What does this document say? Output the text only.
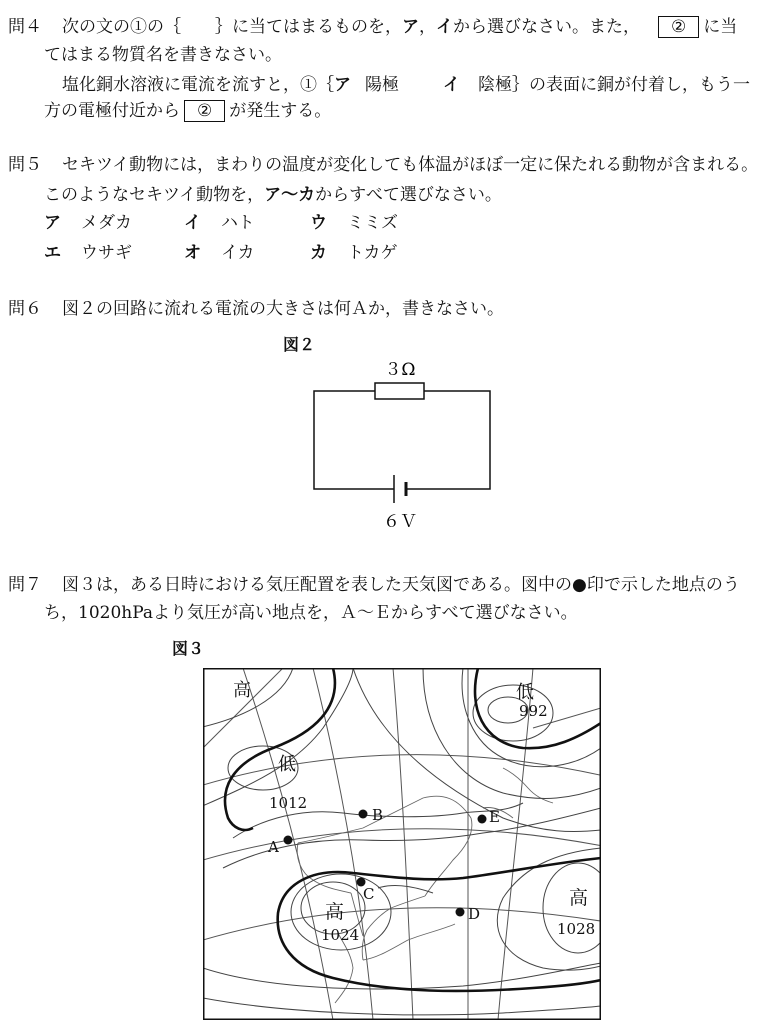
問４ 次の文の①の｛　　｝に当てはまるものを，ア，イから選びなさい。また， ② に当
てはまる物質名を書きなさい。
塩化銅水溶液に電流を流すと，①｛ア 陽極	イ 陰極｝の表面に銅が付着し，もう一
方の電極付近から ② が発生する。
問５ セキツイ動物には，まわりの温度が変化しても体温がほぼ一定に保たれる動物が含まれる。
このようなセキツイ動物を，ア～カからすべて選びなさい。
ア メダカ	イ ハト	ウ ミミズ
エ ウサギ	オ イカ	カ トカゲ
問６ 図２の回路に流れる電流の大きさは何Ａか，書きなさい。
図２
３Ω
６Ｖ
問７ 図３は，ある日時における気圧配置を表した天気図である。図中の●印で示した地点のう
ち，1020hPaより気圧が高い地点を，Ａ～Ｅからすべて選びなさい。
図３
高	低
992
低
1012
高
1024
高
1028
A
B
C
D
E
